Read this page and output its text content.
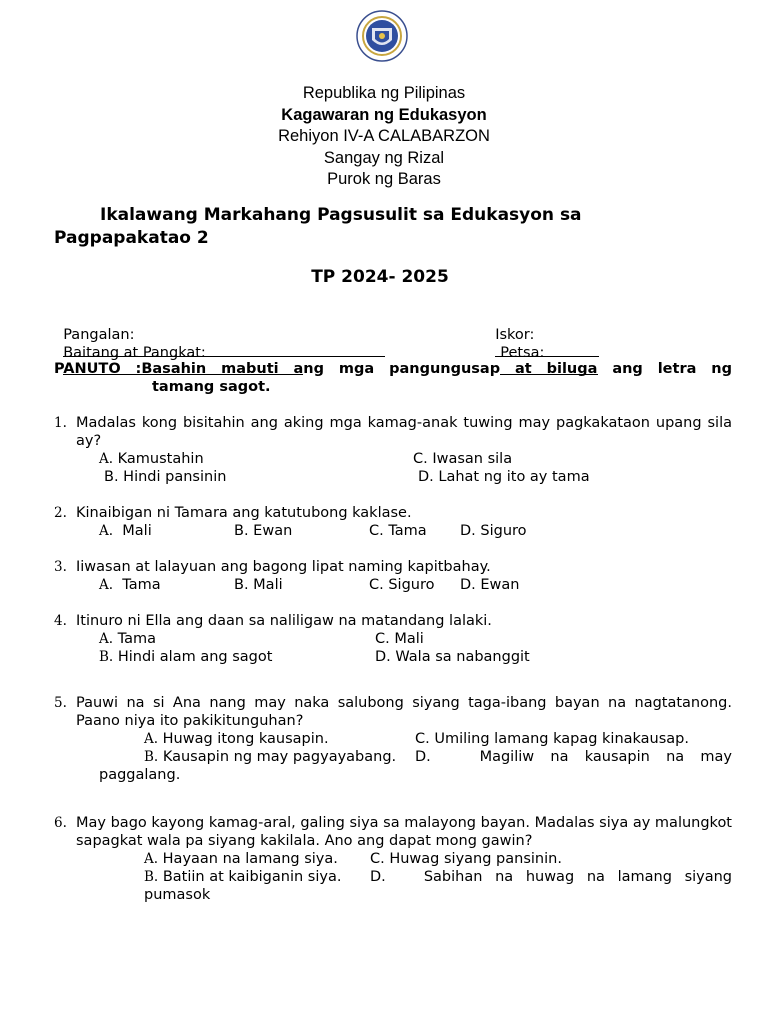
Republika ng Pilipinas
Kagawaran ng Edukasyon
Rehiyon IV-A CALABARZON
Sangay ng Rizal
Purok ng Baras
Ikalawang Markahang Pagsusulit sa Edukasyon sa Pagpapakatao 2
TP 2024- 2025

Pangalan:
	Iskor:

Baitang at Pangkat:
	Petsa:

PANUTO :Basahin mabuti ang mga pangungusap at biluga ang letra ng
tamang sagot.
1. Madalas kong bisitahin ang aking mga kamag-anak tuwing may pagkakataon upang sila ay?
A. Kamustahin
B. Hindi pansinin
C. Iwasan sila
D. Lahat ng ito ay tama
2. Kinaibigan ni Tamara ang katutubong kaklase.
A. Mali	B. Ewan	C. Tama D. Siguro
3. Iiwasan at lalayuan ang bagong lipat naming kapitbahay.
A. Tama	B. Mali	C. Siguro D. Ewan
4. Itinuro ni Ella ang daan sa naliligaw na matandang lalaki.
A. Tama
B. Hindi alam ang sagot
C. Mali
D. Wala sa nabanggit
5. Pauwi na si Ana nang may naka salubong siyang taga-ibang bayan na nagtatanong. Paano niya ito pakikitunguhan?
A. Huwag itong kausapin.
B. Kausapin ng may pagyayabang.
C. Umiling lamang kapag kinakausap.
D.	Magiliw na kausapin na may
paggalang.
6. May bago kayong kamag-aral, galing siya sa malayong bayan. Madalas siya ay malungkot sapagkat wala pa siyang kakilala. Ano ang dapat mong gawin?
A. Hayaan na lamang siya.
B. Batiin at kaibiganin siya.
C. Huwag siyang pansinin.
D.	Sabihan na huwag na lamang siyang
pumasok
